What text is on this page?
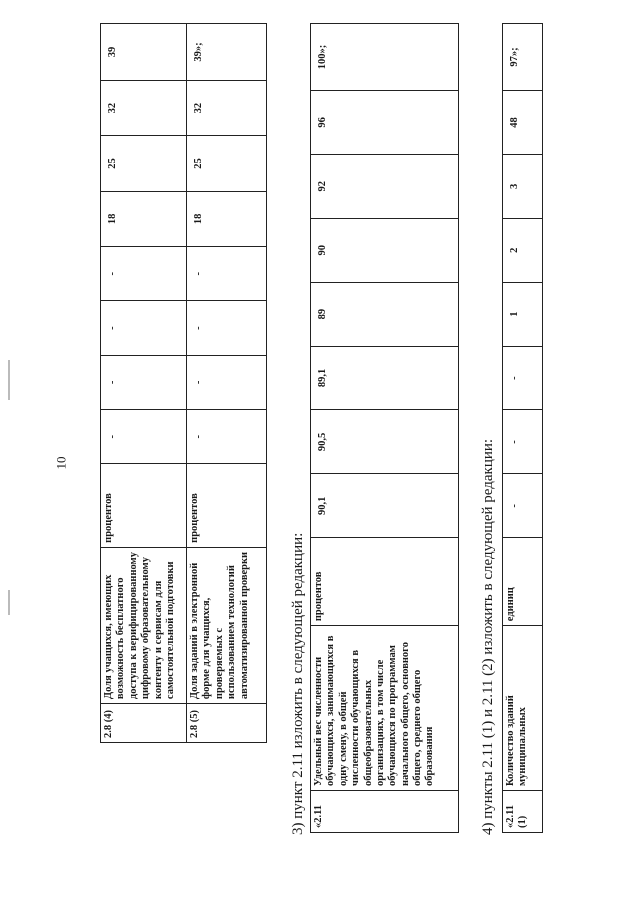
10
2.8 (4)	Доля учащихся, имеющих возможность бесплатного доступа к верифицированному цифровому образовательному контенту и сервисам для самостоятельной подготовки	процентов	-	-	-	-	18	25	32	39
2.8 (5)	Доля заданий в электронной форме для учащихся, проверяемых с использованием технологий автоматизированной проверки	процентов	-	-	-	-	18	25	32	39»;
3) пункт 2.11 изложить в следующей редакции: «2.11	Удельный вес численности обучающихся, занимающихся в одну смену, в общей численности обучающихся в общеобразовательных организациях, в том числе обучающихся по программам начального общего, основного общего, среднего общего образования	процентов	90,1	90,5	89,1	89	90	92	96	100»;
4) пункты 2.11 (1) и 2.11 (2) изложить в следующей редакции: «2.11 (1)	Количество зданий муниципальных	единиц	-	-	-	1	2	3	48	97»;
